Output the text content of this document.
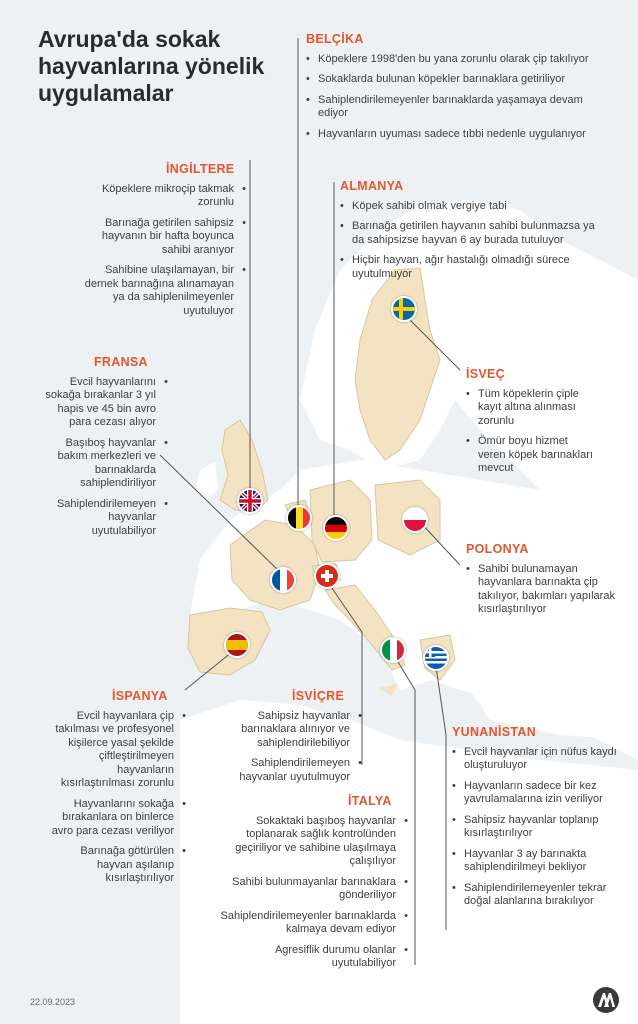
Avrupa'da sokak hayvanlarına yönelik uygulamalar
BELÇİKA
• Köpeklere 1998'den bu yana zorunlu olarak çip takılıyor
• Sokaklarda bulunan köpekler barınaklara getiriliyor
• Sahiplendirilemeyenler barınaklarda yaşamaya devam ediyor
• Hayvanların uyuması sadece tıbbi nedenle uygulanıyor
İNGİLTERE
Köpeklere mikroçip takmak zorunlu •
Barınağa getirilen sahipsiz hayvanın bir hafta boyunca sahibi aranıyor •
Sahibine ulaşılamayan, bir dernek barınağına alınamayan ya da sahiplenilmeyenler uyutuluyor •
ALMANYA
• Köpek sahibi olmak vergiye tabi
• Barınağa getirilen hayvanın sahibi bulunmazsa ya da sahipsizse hayvan 6 ay burada tutuluyor
• Hiçbir hayvan, ağır hastalığı olmadığı sürece uyutulmuyor
FRANSA
Evcil hayvanlarını sokağa bırakanlar 3 yıl hapis ve 45 bin avro para cezası alıyor •
Başıboş hayvanlar bakım merkezleri ve barınaklarda sahiplendiriliyor •
Sahiplendirilemeyen hayvanlar uyutulabiliyor •
İSVEÇ
• Tüm köpeklerin çiple kayıt altına alınması zorunlu
• Ömür boyu hizmet veren köpek barınakları mevcut
POLONYA
• Sahibi bulunamayan hayvanlara barınakta çip takılıyor, bakımları yapılarak kısırlaştırılıyor
İSPANYA
Evcil hayvanlara çip takılması ve profesyonel kişilerce yasal şekilde çiftleştirilmeyen hayvanların kısırlaştırılması zorunlu •
Hayvanlarını sokağa bırakanlara on binlerce avro para cezası veriliyor •
Barınağa götürülen hayvan aşılanıp kısırlaştırılıyor •
İSVİÇRE
Sahipsiz hayvanlar barınaklara alınıyor ve sahiplendirilebiliyor •
Sahiplendirilemeyen hayvanlar uyutulmuyor •
YUNANİSTAN
• Evcil hayvanlar için nüfus kaydı oluşturuluyor
• Hayvanların sadece bir kez yavrulamalarına izin veriliyor
• Sahipsiz hayvanlar toplanıp kısırlaştırılıyor
• Hayvanlar 3 ay barınakta sahiplendirilmeyi bekliyor
• Sahiplendirilemeyenler tekrar doğal alanlarına bırakılıyor
İTALYA
Sokaktaki başıboş hayvanlar toplanarak sağlık kontrolünden geçiriliyor ve sahibine ulaşılmaya çalışılıyor •
Sahibi bulunmayanlar barınaklara gönderiliyor •
Sahiplendirilemeyenler barınaklarda kalmaya devam ediyor •
Agresiflik durumu olanlar uyutulabiliyor •
22.09.2023
